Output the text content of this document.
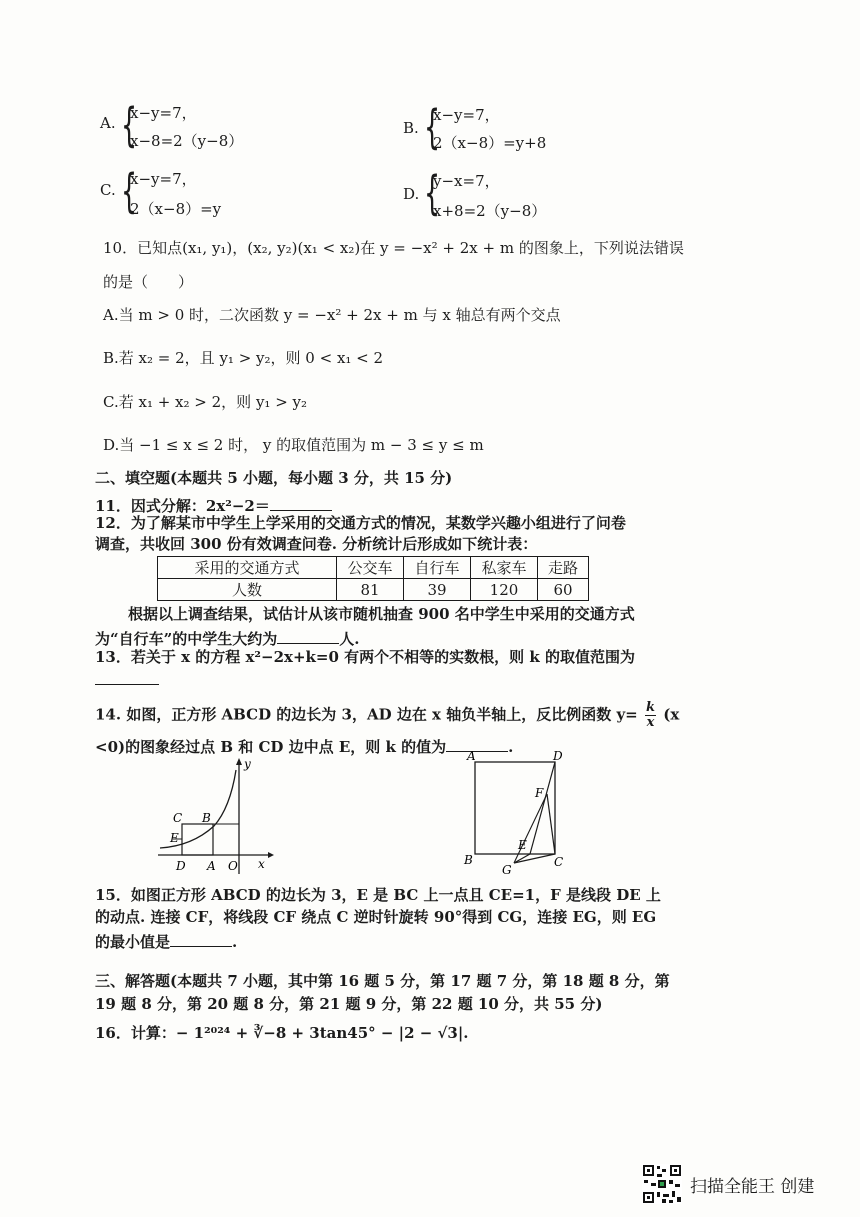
A. {
x−y=7，
x−8=2（y−8）
B. {
x−y=7，
2（x−8）=y+8
C. {
x−y=7，
2（x−8）=y
D. {
y−x=7，
x+8=2（y−8）
10．已知点(x₁, y₁)，(x₂, y₂)(x₁ < x₂)在 y = −x² + 2x + m 的图象上，下列说法错误
的是（　　）
A.当 m > 0 时，二次函数 y = −x² + 2x + m 与 x 轴总有两个交点
B.若 x₂ = 2，且 y₁ > y₂，则 0 < x₁ < 2
C.若 x₁ + x₂ > 2，则 y₁ > y₂
D.当 −1 ≤ x ≤ 2 时， y 的取值范围为 m − 3 ≤ y ≤ m
二、填空题(本题共 5 小题，每小题 3 分，共 15 分)
11．因式分解：2x²−2＝
12．为了解某市中学生上学采用的交通方式的情况，某数学兴趣小组进行了问卷
调查，共收回 300 份有效调查问卷. 分析统计后形成如下统计表：
采用的交通方式	公交车	自行车	私家车	走路
人数	81	39	120	60
根据以上调查结果，试估计从该市随机抽查 900 名中学生中采用的交通方式
为“自行车”的中学生大约为	人.
13．若关于 x 的方程 x²−2x+k=0 有两个不相等的实数根，则 k 的取值范围为
14. 如图，正方形 ABCD 的边长为 3，AD 边在 x 轴负半轴上，反比例函数 $y= \frac{k}{x} (x$
<0)的图象经过点 B 和 CD 边中点 E，则 k 的值为	.
y
x
C B
E
D A O
A	D
F
E
B
G
C
15．如图正方形 ABCD 的边长为 3，E 是 BC 上一点且 CE=1，F 是线段 DE 上
的动点. 连接 CF，将线段 CF 绕点 C 逆时针旋转 90°得到 CG，连接 EG，则 EG
的最小值是	.
三、解答题(本题共 7 小题，其中第 16 题 5 分，第 17 题 7 分，第 18 题 8 分，第
19 题 8 分，第 20 题 8 分，第 21 题 9 分，第 22 题 10 分，共 55 分)
16．计算：− 1²⁰²⁴ + ∛−8 + 3tan45° − |2 − √3|.
扫描全能王 创建
